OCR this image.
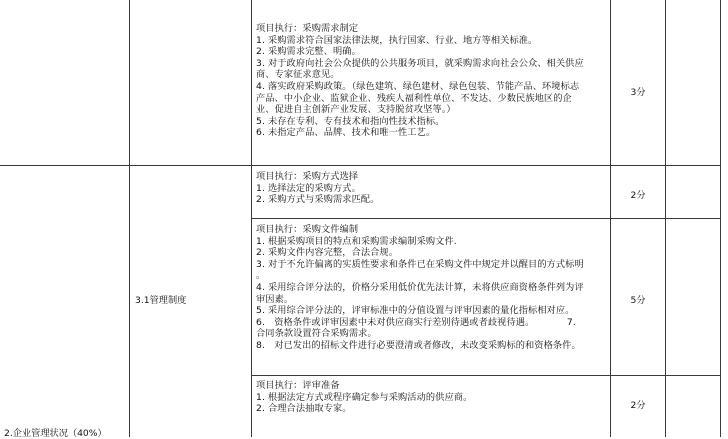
2.企业管理状况（40%）
3.1管理制度
项目执行：采购需求制定
1. 采购需求符合国家法律法规，执行国家、行业、地方等相关标准。
2. 采购需求完整、明确。
3. 对于政府向社会公众提供的公共服务项目，就采购需求向社会公众、相关供应
商、专家征求意见。
4. 落实政府采购政策。（绿色建筑、绿色建材、绿色包装、节能产品、环境标志
产品、中小企业、监狱企业、残疾人福利性单位、不发达、少数民族地区的企
业、促进自主创新产业发展、支持脱贫攻坚等。）
5. 未存在专利、专有技术和指向性技术指标。
6. 未指定产品、品牌、技术和唯一性工艺。
3分
项目执行：采购方式选择
1. 选择法定的采购方式。
2. 采购方式与采购需求匹配。	2分
项目执行：采购文件编制
1. 根据采购项目的特点和采购需求编制采购文件.
2. 采购文件内容完整，合法合规。
3. 对于不允许偏离的实质性要求和条件已在采购文件中规定并以醒目的方式标明
。
4. 采用综合评分法的，价格分采用低价优先法计算，未将供应商资格条件列为评
审因素。
5. 采用综合评分法的，评审标准中的分值设置与评审因素的量化指标相对应。
6.　资格条件或评审因素中未对供应商实行差别待遇或者歧视待遇。　　　　7.
合同条款设置符合采购需求。
8.　对已发出的招标文件进行必要澄清或者修改，未改变采购标的和资格条件。
5分
项目执行：评审准备
1. 根据法定方式或程序确定参与采购活动的供应商。
2. 合理合法抽取专家。	2分
